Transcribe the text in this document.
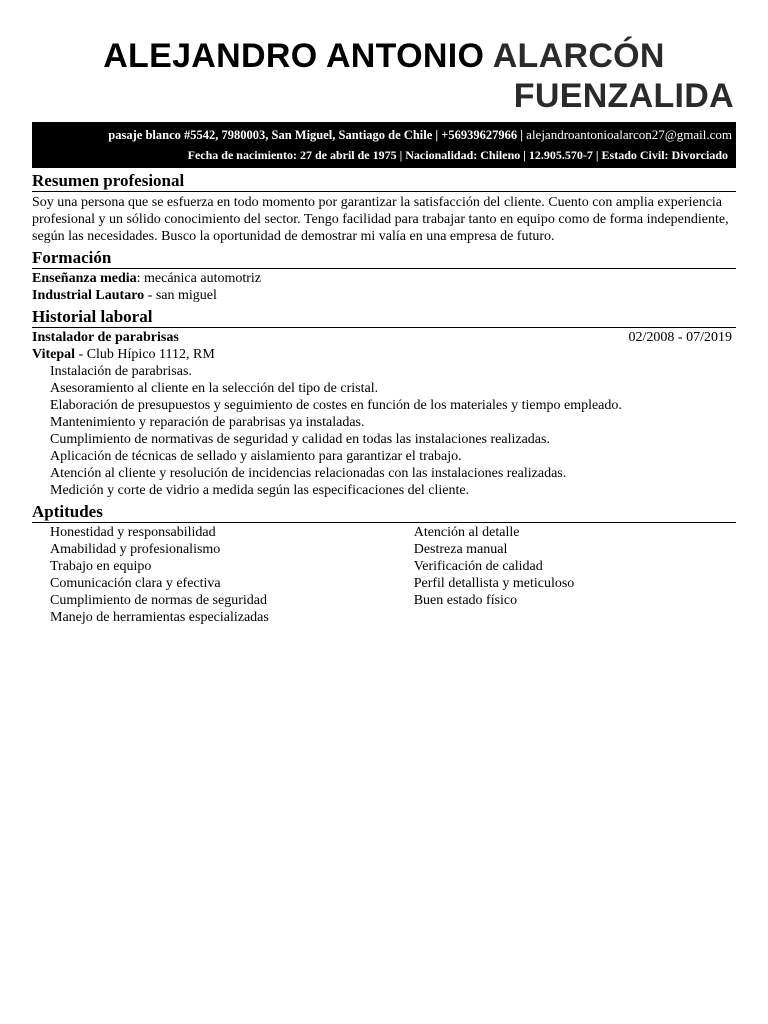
ALEJANDRO ANTONIO ALARCÓN
FUENZALIDA
pasaje blanco #5542, 7980003, San Miguel, Santiago de Chile | +56939627966 | alejandroantonioalarcon27@gmail.com
Fecha de nacimiento: 27 de abril de 1975 | Nacionalidad: Chileno | 12.905.570-7 | Estado Civil: Divorciado
Resumen profesional
Soy una persona que se esfuerza en todo momento por garantizar la satisfacción del cliente. Cuento con amplia experiencia profesional y un sólido conocimiento del sector. Tengo facilidad para trabajar tanto en equipo como de forma independiente, según las necesidades. Busco la oportunidad de demostrar mi valía en una empresa de futuro.
Formación
Enseñanza media: mecánica automotriz
Industrial Lautaro - san miguel
Historial laboral
Instalador de parabrisas	02/2008 - 07/2019
Vitepal - Club Hípico 1112, RM
Instalación de parabrisas.
Asesoramiento al cliente en la selección del tipo de cristal.
Elaboración de presupuestos y seguimiento de costes en función de los materiales y tiempo empleado.
Mantenimiento y reparación de parabrisas ya instaladas.
Cumplimiento de normativas de seguridad y calidad en todas las instalaciones realizadas.
Aplicación de técnicas de sellado y aislamiento para garantizar el trabajo.
Atención al cliente y resolución de incidencias relacionadas con las instalaciones realizadas.
Medición y corte de vidrio a medida según las especificaciones del cliente.
Aptitudes
Honestidad y responsabilidad
Amabilidad y profesionalismo
Trabajo en equipo
Comunicación clara y efectiva
Cumplimiento de normas de seguridad
Manejo de herramientas especializadas
Atención al detalle
Destreza manual
Verificación de calidad
Perfil detallista y meticuloso
Buen estado físico
